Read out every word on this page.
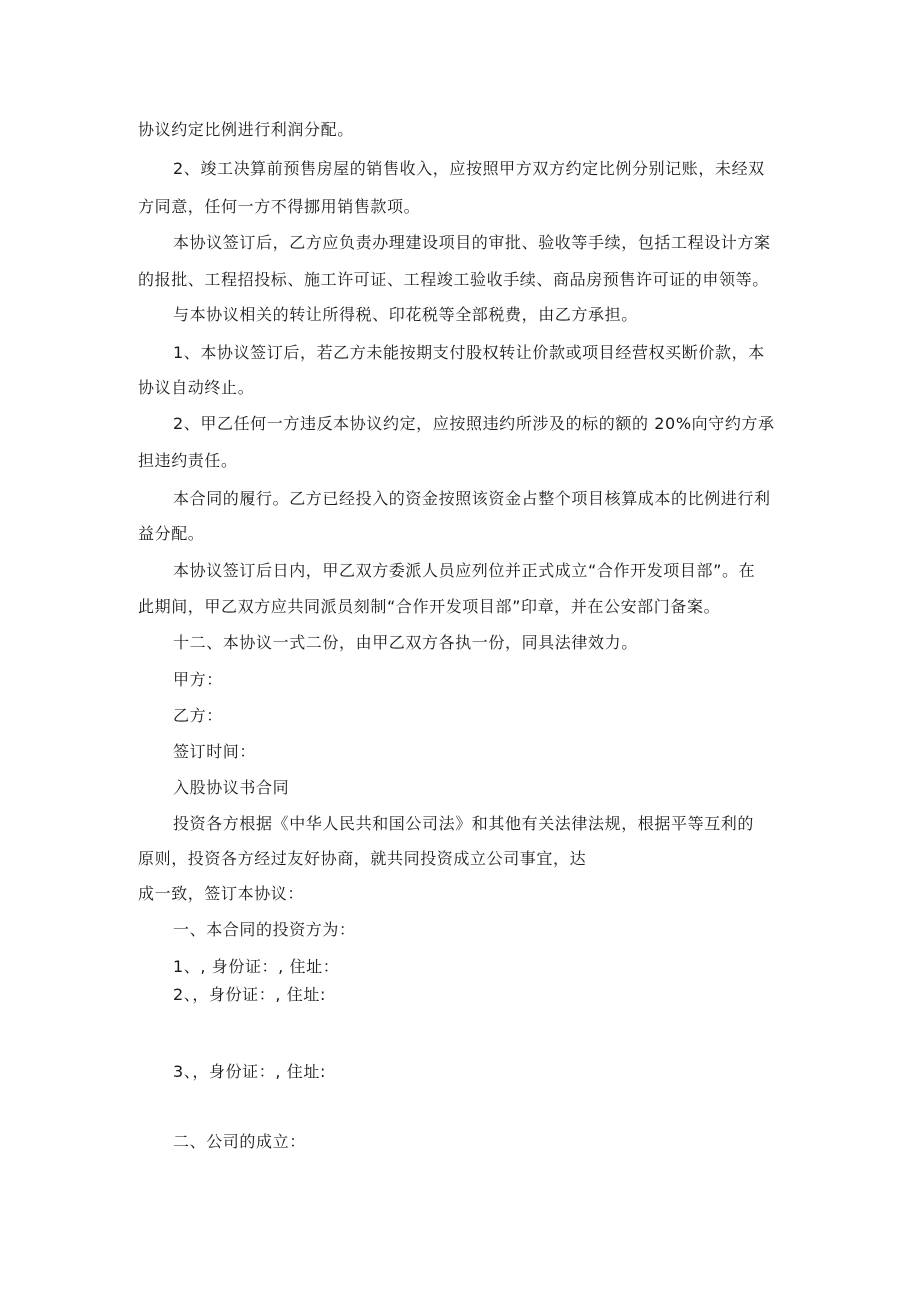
协议约定比例进行利润分配。
2、竣工决算前预售房屋的销售收入，应按照甲方双方约定比例分别记账，未经双
方同意，任何一方不得挪用销售款项。
本协议签订后，乙方应负责办理建设项目的审批、验收等手续，包括工程设计方案
的报批、工程招投标、施工许可证、工程竣工验收手续、商品房预售许可证的申领等。
与本协议相关的转让所得税、印花税等全部税费，由乙方承担。
1、本协议签订后，若乙方未能按期支付股权转让价款或项目经营权买断价款，本
协议自动终止。
2、甲乙任何一方违反本协议约定，应按照违约所涉及的标的额的 20%向守约方承
担违约责任。
本合同的履行。乙方已经投入的资金按照该资金占整个项目核算成本的比例进行利
益分配。
本协议签订后日内，甲乙双方委派人员应列位并正式成立“合作开发项目部”。在
此期间，甲乙双方应共同派员刻制“合作开发项目部”印章，并在公安部门备案。
十二、本协议一式二份，由甲乙双方各执一份，同具法律效力。
甲方：
乙方：
签订时间：
入股协议书合同
投资各方根据《中华人民共和国公司法》和其他有关法律法规，根据平等互利的
原则，投资各方经过友好协商，就共同投资成立公司事宜，达
成一致，签订本协议：
一、本合同的投资方为：
1、, 身份证：, 住址：
2、，身份证：, 住址:
3、，身份证：, 住址:
二、公司的成立：
